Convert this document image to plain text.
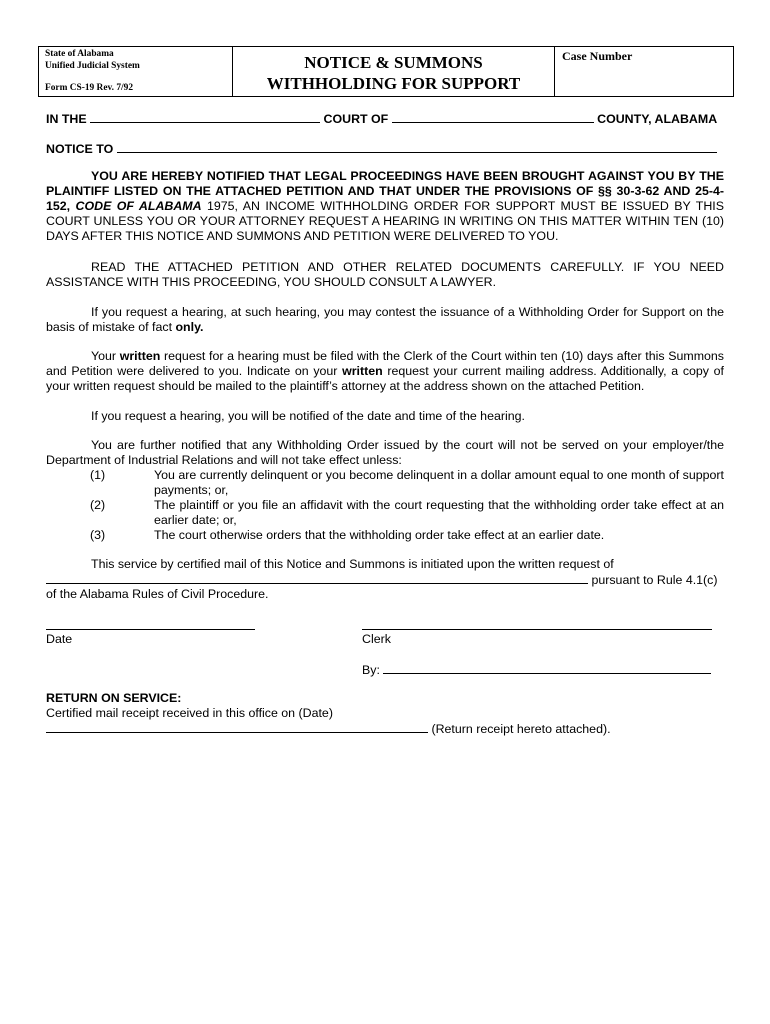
State of Alabama
Unified Judicial System
Form CS-19 Rev. 7/92
NOTICE & SUMMONS
WITHHOLDING FOR SUPPORT
Case Number
IN THE	COURT OF	COUNTY, ALABAMA
NOTICE TO
YOU ARE HEREBY NOTIFIED THAT LEGAL PROCEEDINGS HAVE BEEN BROUGHT AGAINST YOU BY THE PLAINTIFF LISTED ON THE ATTACHED PETITION AND THAT UNDER THE PROVISIONS OF §§ 30-3-62 AND 25-4-152, CODE OF ALABAMA 1975, AN INCOME WITHHOLDING ORDER FOR SUPPORT MUST BE ISSUED BY THIS COURT UNLESS YOU OR YOUR ATTORNEY REQUEST A HEARING IN WRITING ON THIS MATTER WITHIN TEN (10) DAYS AFTER THIS NOTICE AND SUMMONS AND PETITION WERE DELIVERED TO YOU.
READ THE ATTACHED PETITION AND OTHER RELATED DOCUMENTS CAREFULLY. IF YOU NEED ASSISTANCE WITH THIS PROCEEDING, YOU SHOULD CONSULT A LAWYER.
If you request a hearing, at such hearing, you may contest the issuance of a Withholding Order for Support on the basis of mistake of fact only.
Your written request for a hearing must be filed with the Clerk of the Court within ten (10) days after this Summons and Petition were delivered to you. Indicate on your written request your current mailing address. Additionally, a copy of your written request should be mailed to the plaintiff’s attorney at the address shown on the attached Petition.
If you request a hearing, you will be notified of the date and time of the hearing.
You are further notified that any Withholding Order issued by the court will not be served on your employer/the Department of Industrial Relations and will not take effect unless:
(1)	You are currently delinquent or you become delinquent in a dollar amount equal to one month of support payments; or,
(2)	The plaintiff or you file an affidavit with the court requesting that the withholding order take effect at an earlier date; or,
(3)	The court otherwise orders that the withholding order take effect at an earlier date.
This service by certified mail of this Notice and Summons is initiated upon the written request of
pursuant to Rule 4.1(c)
of the Alabama Rules of Civil Procedure.
Date	Clerk
By:
RETURN ON SERVICE:
Certified mail receipt received in this office on (Date)
(Return receipt hereto attached).
